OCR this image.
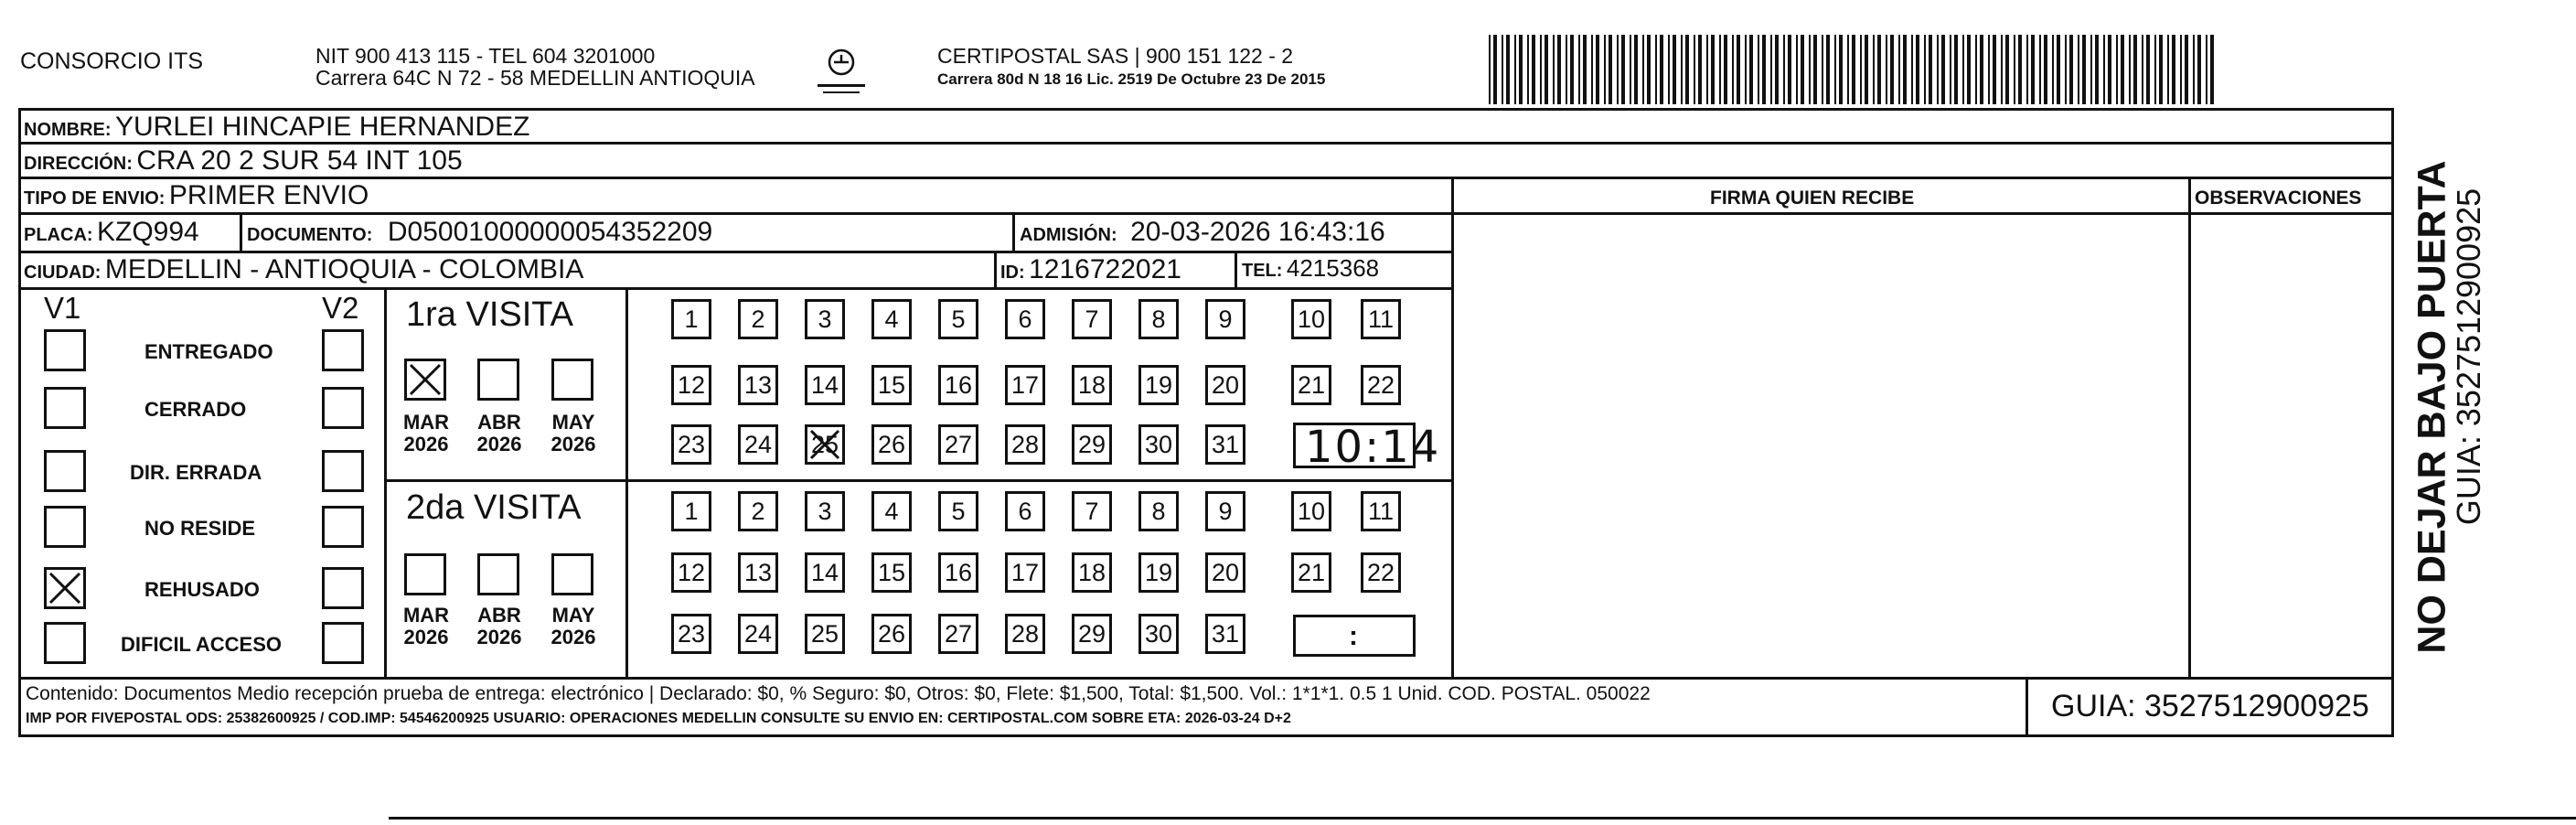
CONSORCIO ITS	NIT 900 413 115 - TEL 604 3201000
Carrera 64C N 72 - 58 MEDELLIN ANTIOQUIA
CERTIPOSTAL SAS | 900 151 122 - 2
Carrera 80d N 18 16 Lic. 2519 De Octubre 23 De 2015
NOMBRE: YURLEI HINCAPIE HERNANDEZ
DIRECCIÓN: CRA 20 2 SUR 54 INT 105
TIPO DE ENVIO: PRIMER ENVIO	FIRMA QUIEN RECIBE	OBSERVACIONES
PLACA: KZQ994	DOCUMENTO: D05001000000054352209	ADMISIÓN: 20-03-2026 16:43:16
CIUDAD: MEDELLIN - ANTIOQUIA - COLOMBIA	ID: 1216722021	TEL: 4215368
V1	V2
ENTREGADO
CERRADO
DIR. ERRADA
NO RESIDE
REHUSADO
DIFICIL ACCESO
1ra VISITA
2da VISITA
MAR
2026
ABR
2026
MAY
2026
MAR
2026
ABR
2026
MAY
2026
1	2	3	4	5	6	7	8	9	10 11
12 13 14 15 16 17 18 19 20 21 22
23 24 25 26 27 28 29 30 31
1	2	3	4	5	6	7	8	9	10 11
12 13 14 15 16 17 18 19 20 21 22
23 24 25 26 27 28 29 30 31
10:14
:
Contenido: Documentos Medio recepción prueba de entrega: electrónico | Declarado: $0, % Seguro: $0, Otros: $0, Flete: $1,500, Total: $1,500. Vol.: 1*1*1. 0.5 1 Unid. COD. POSTAL. 050022
IMP POR FIVEPOSTAL ODS: 25382600925 / COD.IMP: 54546200925 USUARIO: OPERACIONES MEDELLIN CONSULTE SU ENVIO EN: CERTIPOSTAL.COM SOBRE ETA: 2026-03-24 D+2	GUIA: 3527512900925
NO DEJAR BAJO PUERTA
GUIA: 3527512900925
